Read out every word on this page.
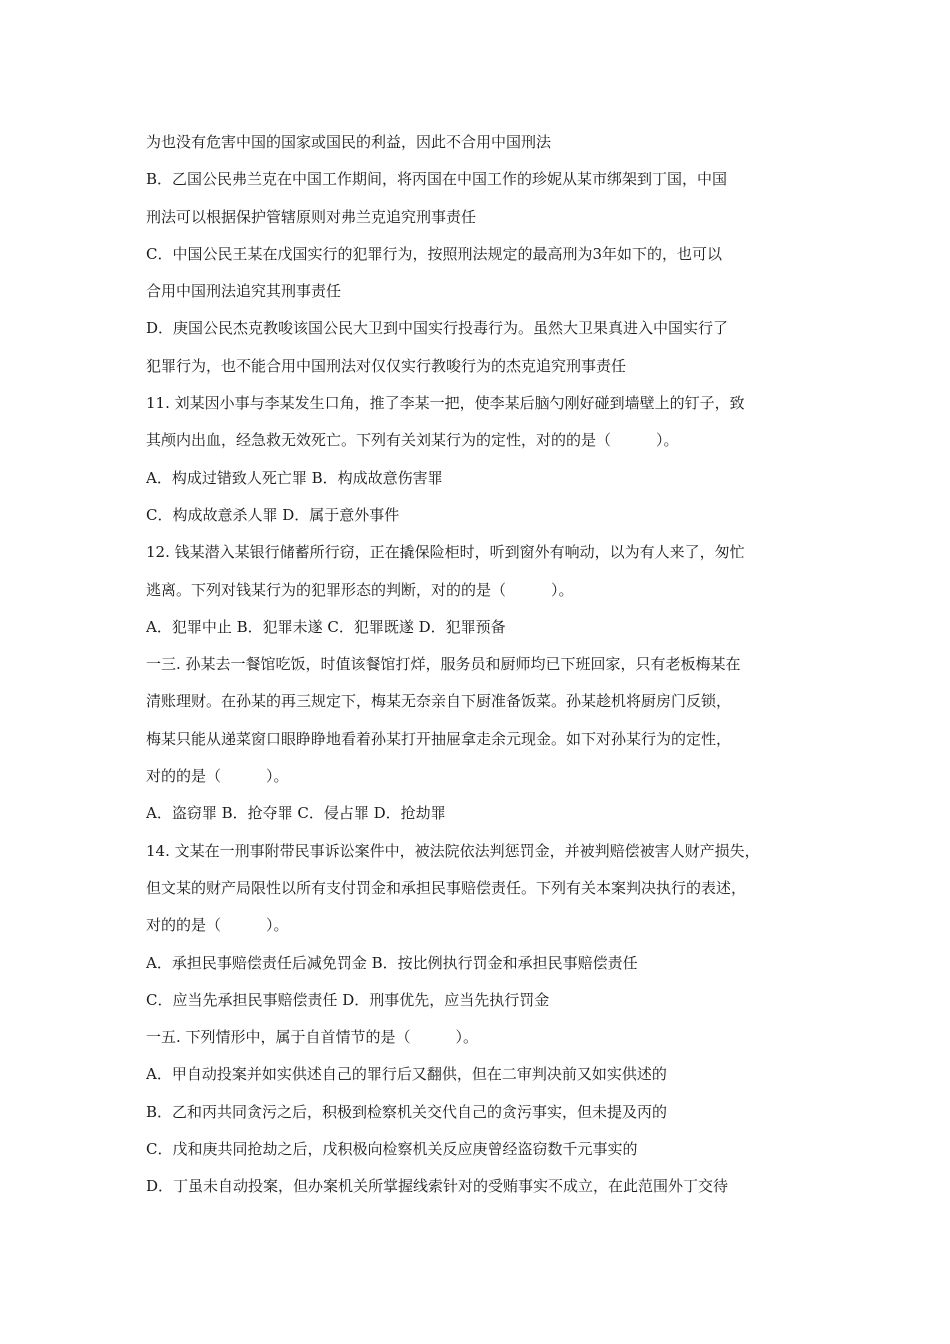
为也没有危害中国的国家或国民的利益，因此不合用中国刑法
B．乙国公民弗兰克在中国工作期间，将丙国在中国工作的珍妮从某市绑架到丁国，中国
刑法可以根据保护管辖原则对弗兰克追究刑事责任
C．中国公民王某在戊国实行的犯罪行为，按照刑法规定的最高刑为3年如下的，也可以
合用中国刑法追究其刑事责任
D．庚国公民杰克教唆该国公民大卫到中国实行投毒行为。虽然大卫果真进入中国实行了
犯罪行为，也不能合用中国刑法对仅仅实行教唆行为的杰克追究刑事责任
11. 刘某因小事与李某发生口角，推了李某一把，使李某后脑勺刚好碰到墙壁上的钉子，致
其颅内出血，经急救无效死亡。下列有关刘某行为的定性，对的的是（　　　）。
A．构成过错致人死亡罪 B．构成故意伤害罪
C．构成故意杀人罪 D．属于意外事件
12. 钱某潜入某银行储蓄所行窃，正在撬保险柜时，听到窗外有响动，以为有人来了，匆忙
逃离。下列对钱某行为的犯罪形态的判断，对的的是（　　　）。
A．犯罪中止 B．犯罪未遂 C．犯罪既遂 D．犯罪预备
一三. 孙某去一餐馆吃饭，时值该餐馆打烊，服务员和厨师均已下班回家，只有老板梅某在
清账理财。在孙某的再三规定下，梅某无奈亲自下厨准备饭菜。孙某趁机将厨房门反锁，
梅某只能从递菜窗口眼睁睁地看着孙某打开抽屉拿走余元现金。如下对孙某行为的定性，
对的的是（　　　）。
A．盗窃罪 B．抢夺罪 C．侵占罪 D．抢劫罪
14. 文某在一刑事附带民事诉讼案件中，被法院依法判惩罚金，并被判赔偿被害人财产损失，
但文某的财产局限性以所有支付罚金和承担民事赔偿责任。下列有关本案判决执行的表述，
对的的是（　　　）。
A．承担民事赔偿责任后减免罚金 B．按比例执行罚金和承担民事赔偿责任
C．应当先承担民事赔偿责任 D．刑事优先，应当先执行罚金
一五. 下列情形中，属于自首情节的是（　　　）。
A．甲自动投案并如实供述自己的罪行后又翻供，但在二审判决前又如实供述的
B．乙和丙共同贪污之后，积极到检察机关交代自己的贪污事实，但未提及丙的
C．戊和庚共同抢劫之后，戊积极向检察机关反应庚曾经盗窃数千元事实的
D．丁虽未自动投案，但办案机关所掌握线索针对的受贿事实不成立，在此范围外丁交待
